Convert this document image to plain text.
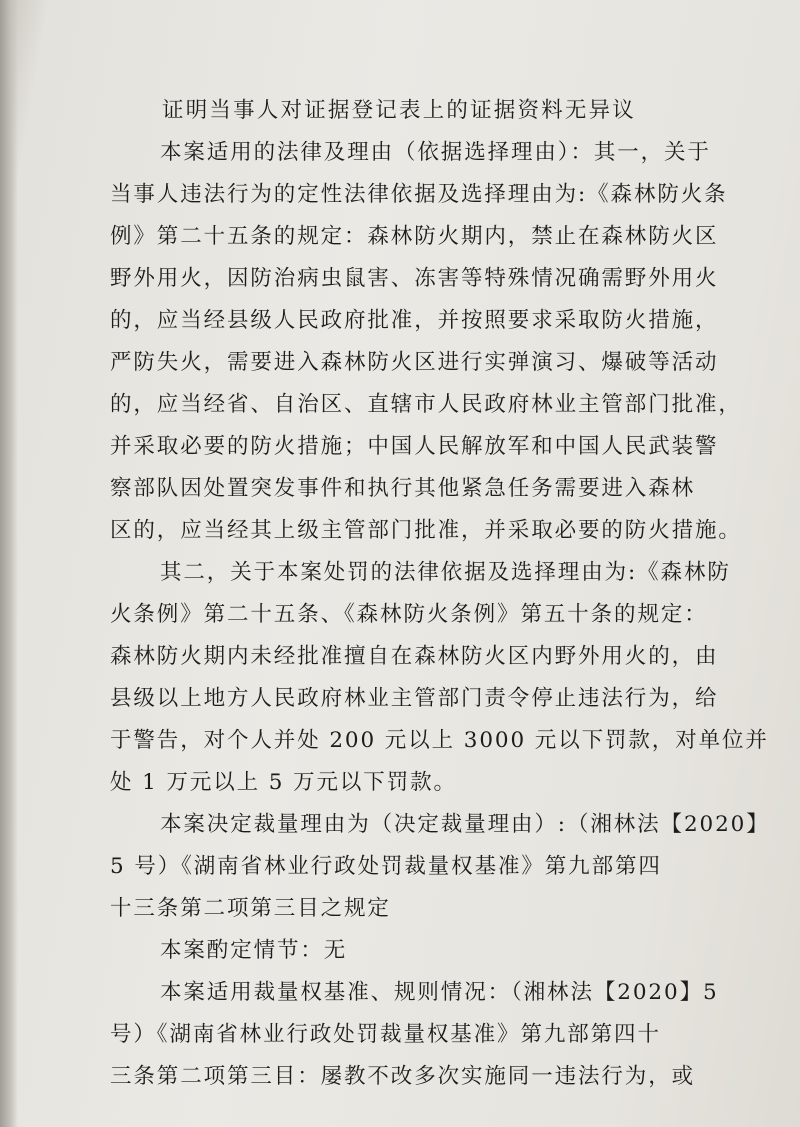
证明当事人对证据登记表上的证据资料无异议
本案适用的法律及理由（依据选择理由）：其一，关于
当事人违法行为的定性法律依据及选择理由为:《森林防火条
例》第二十五条的规定：森林防火期内，禁止在森林防火区
野外用火，因防治病虫鼠害、冻害等特殊情况确需野外用火
的，应当经县级人民政府批准，并按照要求采取防火措施，
严防失火，需要进入森林防火区进行实弹演习、爆破等活动
的，应当经省、自治区、直辖市人民政府林业主管部门批准，
并采取必要的防火措施；中国人民解放军和中国人民武装警
察部队因处置突发事件和执行其他紧急任务需要进入森林
区的，应当经其上级主管部门批准，并采取必要的防火措施。
其二，关于本案处罚的法律依据及选择理由为:《森林防
火条例》第二十五条、《森林防火条例》第五十条的规定：
森林防火期内未经批准擅自在森林防火区内野外用火的，由
县级以上地方人民政府林业主管部门责令停止违法行为，给
于警告，对个人并处 200 元以上 3000 元以下罚款，对单位并
处 1 万元以上 5 万元以下罚款。
本案决定裁量理由为（决定裁量理由）:（湘林法【2020】
5 号）《湖南省林业行政处罚裁量权基准》第九部第四
十三条第二项第三目之规定
本案酌定情节：无
本案适用裁量权基准、规则情况：（湘林法【2020】5
号）《湖南省林业行政处罚裁量权基准》第九部第四十
三条第二项第三目：屡教不改多次实施同一违法行为，或
